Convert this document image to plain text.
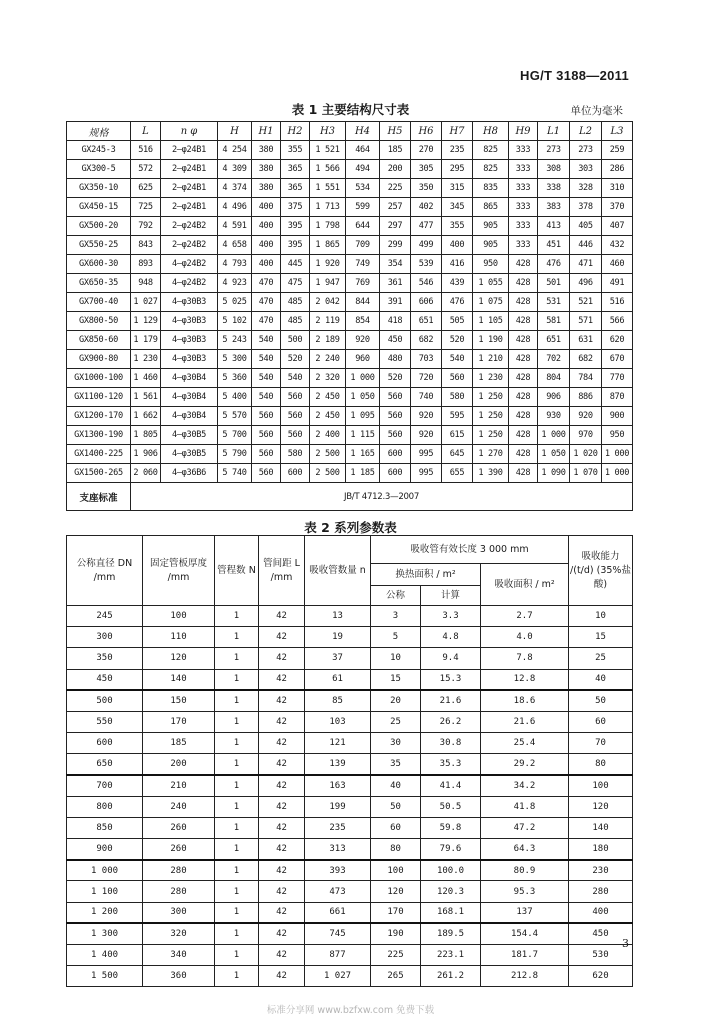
HG/T 3188—2011
表 1 主要结构尺寸表	单位为毫米
规格	L	n φ	H	H1	H2	H3	H4	H5	H6	H7	H8	H9	L1	L2	L3
GX245-3	516	2—φ24B1	4 254	380	355	1 521	464	185	270	235	825	333	273	273	259
GX300-5	572	2—φ24B1	4 309	380	365	1 566	494	200	305	295	825	333	308	303	286
GX350-10	625	2—φ24B1	4 374	380	365	1 551	534	225	350	315	835	333	338	328	310
GX450-15	725	2—φ24B1	4 496	400	375	1 713	599	257	402	345	865	333	383	378	370
GX500-20	792	2—φ24B2	4 591	400	395	1 798	644	297	477	355	905	333	413	405	407
GX550-25	843	2—φ24B2	4 658	400	395	1 865	709	299	499	400	905	333	451	446	432
GX600-30	893	4—φ24B2	4 793	400	445	1 920	749	354	539	416	950	428	476	471	460
GX650-35	948	4—φ24B2	4 923	470	475	1 947	769	361	546	439	1 055	428	501	496	491
GX700-40	1 027	4—φ30B3	5 025	470	485	2 042	844	391	606	476	1 075	428	531	521	516
GX800-50	1 129	4—φ30B3	5 102	470	485	2 119	854	418	651	505	1 105	428	581	571	566
GX850-60	1 179	4—φ30B3	5 243	540	500	2 189	920	450	682	520	1 190	428	651	631	620
GX900-80	1 230	4—φ30B3	5 300	540	520	2 240	960	480	703	540	1 210	428	702	682	670
GX1000-100	1 460	4—φ30B4	5 360	540	540	2 320	1 000	520	720	560	1 230	428	804	784	770
GX1100-120	1 561	4—φ30B4	5 400	540	560	2 450	1 050	560	740	580	1 250	428	906	886	870
GX1200-170	1 662	4—φ30B4	5 570	560	560	2 450	1 095	560	920	595	1 250	428	930	920	900
GX1300-190	1 805	4—φ30B5	5 700	560	560	2 400	1 115	560	920	615	1 250	428	1 000	970	950
GX1400-225	1 906	4—φ30B5	5 790	560	580	2 500	1 165	600	995	645	1 270	428	1 050	1 020	1 000
GX1500-265	2 060	4—φ36B6	5 740	560	600	2 500	1 185	600	995	655	1 390	428	1 090	1 070	1 000
支座标准	JB/T 4712.3—2007														
表 2 系列参数表
公称直径 DN /mm	固定管板厚度 /mm	管程数 N	管间距 L /mm	吸收管数量 n	吸收管有效长度 3 000 mm			吸收能力 /(t/d) (35%盐酸)
					换热面积 / m²		吸收面积 / m²	
					公称	计算		
245	100	1	42	13	3	3.3	2.7	10
300	110	1	42	19	5	4.8	4.0	15
350	120	1	42	37	10	9.4	7.8	25
450	140	1	42	61	15	15.3	12.8	40
500	150	1	42	85	20	21.6	18.6	50
550	170	1	42	103	25	26.2	21.6	60
600	185	1	42	121	30	30.8	25.4	70
650	200	1	42	139	35	35.3	29.2	80
700	210	1	42	163	40	41.4	34.2	100
800	240	1	42	199	50	50.5	41.8	120
850	260	1	42	235	60	59.8	47.2	140
900	260	1	42	313	80	79.6	64.3	180
1 000	280	1	42	393	100	100.0	80.9	230
1 100	280	1	42	473	120	120.3	95.3	280
1 200	300	1	42	661	170	168.1	137	400
1 300	320	1	42	745	190	189.5	154.4	450
1 400	340	1	42	877	225	223.1	181.7	530
1 500	360	1	42	1 027	265	261.2	212.8	620
3
标准分享网 www.bzfxw.com 免费下载
